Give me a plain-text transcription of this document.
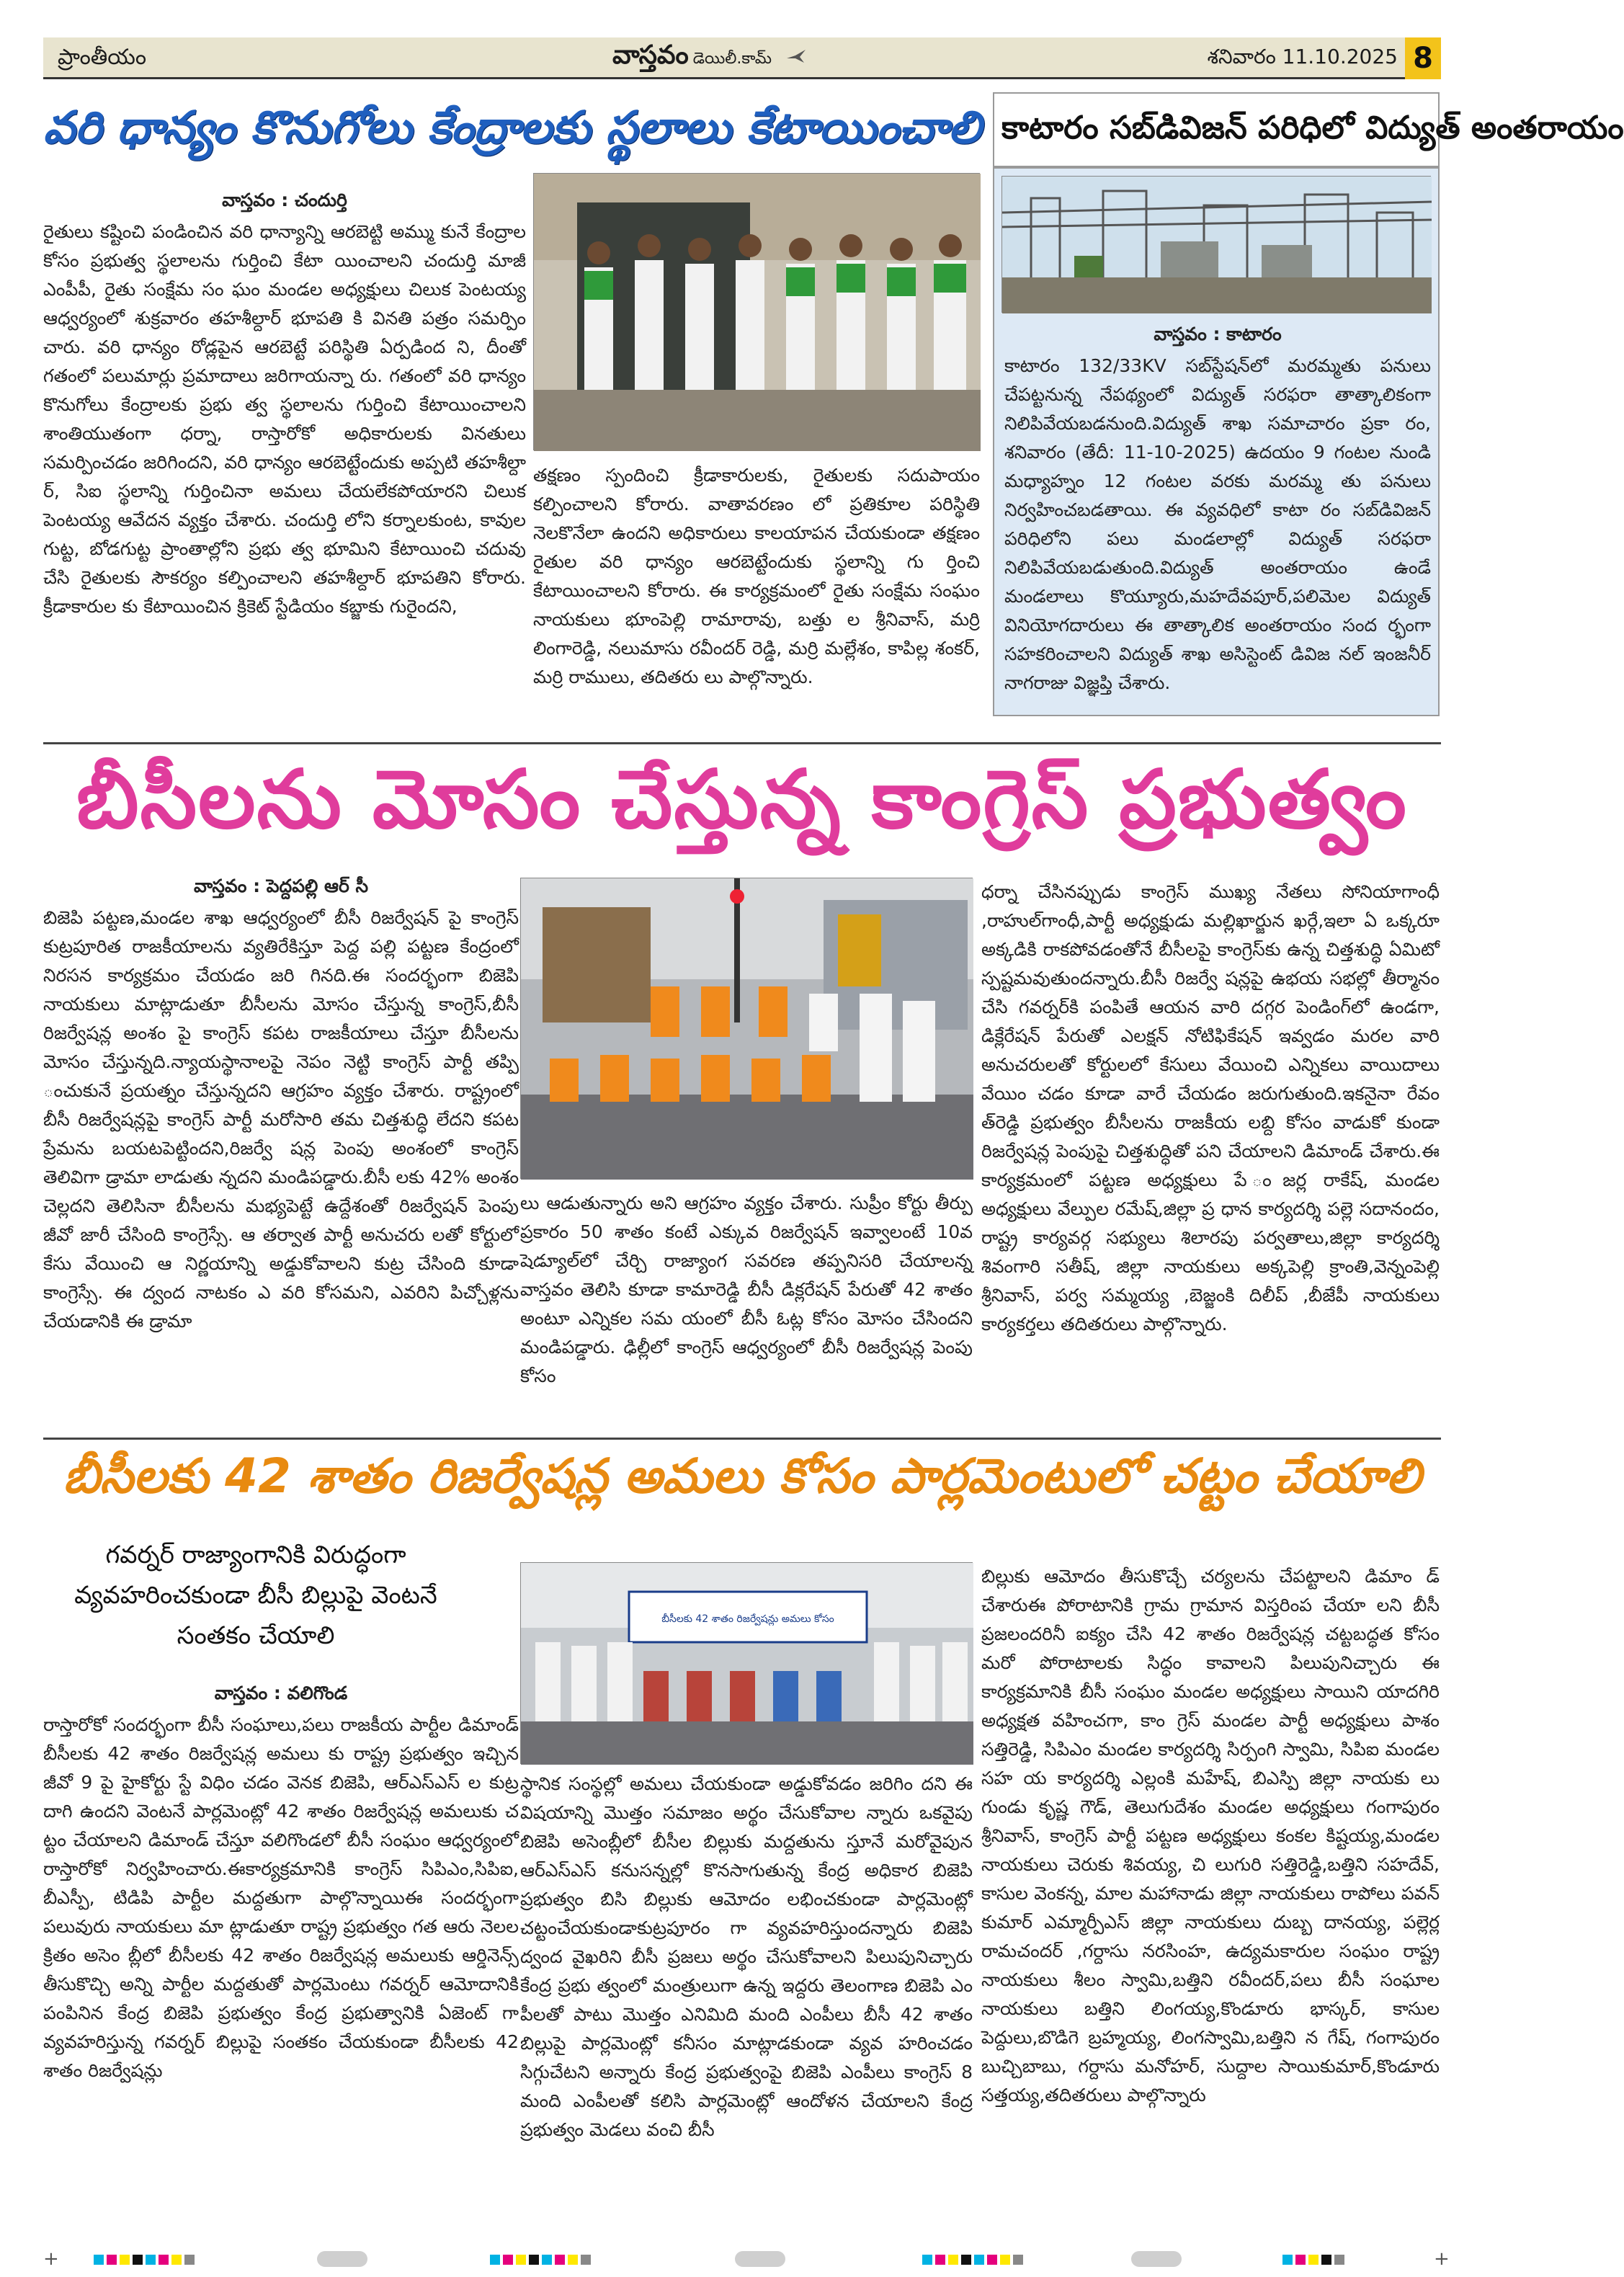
ప్రాంతీయం	వాస్తవం డెయిలీ.కామ్	శనివారం 11.10.2025 8
వరి ధాన్యం కొనుగోలు కేంద్రాలకు స్థలాలు కేటాయించాలి
వాస్తవం : చందుర్తి
రైతులు కష్టించి పండించిన వరి ధాన్యాన్ని ఆరబెట్టి అమ్ము కునే కేంద్రాల కోసం ప్రభుత్వ స్థలాలను గుర్తించి కేటా యించాలని చందుర్తి మాజీ ఎంపీపీ, రైతు సంక్షేమ సం ఘం మండల అధ్యక్షులు చిలుక పెంటయ్య ఆధ్వర్యంలో శుక్రవారం తహశీల్దార్ భూపతి కి వినతి పత్రం సమర్పిం చారు. వరి ధాన్యం రోడ్లపైన ఆరబెట్టే పరిస్థితి ఏర్పడింద ని, దీంతో గతంలో పలుమార్లు ప్రమాదాలు జరిగాయన్నా రు. గతంలో వరి ధాన్యం కొనుగోలు కేంద్రాలకు ప్రభు త్వ స్థలాలను గుర్తించి కేటాయించాలని శాంతియుతంగా ధర్నా, రాస్తారోకో అధికారులకు వినతులు సమర్పించడం జరిగిందని, వరి ధాన్యం ఆరబెట్టేందుకు అప్పటి తహశీల్దా ర్, సిఐ స్థలాన్ని గుర్తించినా అమలు చేయలేకపోయారని చిలుక పెంటయ్య ఆవేదన వ్యక్తం చేశారు. చందుర్తి లోని కర్నాలకుంట, కావుల గుట్ట, బోడగుట్ట ప్రాంతాల్లోని ప్రభు త్వ భూమిని కేటాయించి చదువు చేసి రైతులకు సౌకర్యం కల్పించాలని తహశీల్దార్ భూపతిని కోరారు. క్రీడాకారుల కు కేటాయించిన క్రికెట్ స్టేడియం కబ్జాకు గురైందని,
తక్షణం స్పందించి క్రీడాకారులకు, రైతులకు సదుపాయం కల్పించాలని కోరారు. వాతావరణం లో ప్రతికూల పరిస్థితి నెలకొనేలా ఉందని అధికారులు కాలయాపన చేయకుండా తక్షణం రైతుల వరి ధాన్యం ఆరబెట్టేందుకు స్థలాన్ని గు ర్తించి కేటాయించాలని కోరారు. ఈ కార్యక్రమంలో రైతు సంక్షేమ సంఘం నాయకులు భూంపెల్లి రామారావు, బత్తు ల శ్రీనివాస్, మర్రి లింగారెడ్డి, నలుమాసు రవీందర్ రెడ్డి, మర్రి మల్లేశం, కాపిల్ల శంకర్, మర్రి రాములు, తదితరు లు పాల్గొన్నారు.
కాటారం సబ్‌డివిజన్ పరిధిలో విద్యుత్ అంతరాయం
వాస్తవం : కాటారం
కాటారం 132/33KV సబ్‌స్టేషన్‌లో మరమ్మతు పనులు చేపట్టనున్న నేపథ్యంలో విద్యుత్ సరఫరా తాత్కాలికంగా నిలిపివేయబడనుంది.విద్యుత్ శాఖ సమాచారం ప్రకా రం, శనివారం (తేదీ: 11-10-2025) ఉదయం 9 గంటల నుండి మధ్యాహ్నం 12 గంటల వరకు మరమ్మ తు పనులు నిర్వహించబడతాయి. ఈ వ్యవధిలో కాటా రం సబ్‌డివిజన్ పరిధిలోని పలు మండలాల్లో విద్యుత్ సరఫరా నిలిపివేయబడుతుంది.విద్యుత్ అంతరాయం ఉండే మండలాలు కొయ్యూరు,మహదేవపూర్,పలిమెల విద్యుత్ వినియోగదారులు ఈ తాత్కాలిక అంతరాయం సంద ర్భంగా సహకరించాలని విద్యుత్ శాఖ అసిస్టెంట్ డివిజ నల్ ఇంజనీర్ నాగరాజు విజ్ఞప్తి చేశారు.
బీసీలను మోసం చేస్తున్న కాంగ్రెస్ ప్రభుత్వం
వాస్తవం : పెద్దపల్లి ఆర్ సీ
బిజెపి పట్టణ,మండల శాఖ ఆధ్వర్యంలో బీసీ రిజర్వేషన్ పై కాంగ్రెస్ కుట్రపూరిత రాజకీయాలను వ్యతిరేకిస్తూ పెద్ద పల్లి పట్టణ కేంద్రంలో నిరసన కార్యక్రమం చేయడం జరి గినది.ఈ సందర్భంగా బిజెపి నాయకులు మాట్లాడుతూ బీసీలను మోసం చేస్తున్న కాంగ్రెస్,బీసీ రిజర్వేషన్ల అంశం పై కాంగ్రెస్ కపట రాజకీయాలు చేస్తూ బీసీలను మోసం చేస్తున్నది.న్యాయస్థానాలపై నెపం నెట్టి కాంగ్రెస్ పార్టీ తప్పి ంచుకునే ప్రయత్నం చేస్తున్నదని ఆగ్రహం వ్యక్తం చేశారు. రాష్ట్రంలో బీసీ రిజర్వేషన్లపై కాంగ్రెస్ పార్టీ మరోసారి తమ చిత్తశుద్ధి లేదని కపట ప్రేమను బయటపెట్టిందని,రిజర్వే షన్ల పెంపు అంశంలో కాంగ్రెస్ తెలివిగా డ్రామా లాడుతు న్నదని మండిపడ్డారు.బీసీ లకు 42% అంశం చెల్లదని తెలిసినా బీసీలను మభ్యపెట్టే ఉద్దేశంతో రిజర్వేషన్ పెంపు జీవో జారీ చేసింది కాంగ్రెస్సే. ఆ తర్వాత పార్టీ అనుచరు లతో కోర్టులో కేసు వేయించి ఆ నిర్ణయాన్ని అడ్డుకోవాలని కుట్ర చేసింది కూడా కాంగ్రెస్సే. ఈ ద్వంద నాటకం ఎ వరి కోసమని, ఎవరిని పిచ్చోళ్లను చేయడానికి ఈ డ్రామా
లు ఆడుతున్నారు అని ఆగ్రహం వ్యక్తం చేశారు. సుప్రీం కోర్టు తీర్పు ప్రకారం 50 శాతం కంటే ఎక్కువ రిజర్వేషన్ ఇవ్వాలంటే 10వ షెడ్యూల్‌లో చేర్చి రాజ్యాంగ సవరణ తప్పనిసరి చేయాలన్న వాస్తవం తెలిసి కూడా కామారెడ్డి బీసీ డిక్లరేషన్ పేరుతో 42 శాతం అంటూ ఎన్నికల సమ యంలో బీసీ ఓట్ల కోసం మోసం చేసిందని మండిపడ్డారు. ఢిల్లీలో కాంగ్రెస్ ఆధ్వర్యంలో బీసీ రిజర్వేషన్ల పెంపు కోసం
ధర్నా చేసినప్పుడు కాంగ్రెస్ ముఖ్య నేతలు సోనియాగాంధీ ,రాహుల్‌గాంధీ,పార్టీ అధ్యక్షుడు మల్లిఖార్జున ఖర్గే,ఇలా ఏ ఒక్కరూ అక్కడికి రాకపోవడంతోనే బీసీలపై కాంగ్రెస్‌కు ఉన్న చిత్తశుద్ధి ఏమిటో స్పష్టమవుతుందన్నారు.బీసీ రిజర్వే షన్లపై ఉభయ సభల్లో తీర్మానం చేసి గవర్నర్‌కి పంపితే ఆయన వారి దగ్గర పెండింగ్‌లో ఉండగా, డిక్లేరేషన్ పేరుతో ఎలక్షన్ నోటిఫికేషన్ ఇవ్వడం మరల వారి అనుచరులతో కోర్టులలో కేసులు వేయించి ఎన్నికలు వాయిదాలు వేయిం చడం కూడా వారే చేయడం జరుగుతుంది.ఇకనైనా రేవం త్‌రెడ్డి ప్రభుత్వం బీసీలను రాజకీయ లబ్ది కోసం వాడుకో కుండా రిజర్వేషన్ల పెంపుపై చిత్తశుద్ధితో పని చేయాలని డిమాండ్ చేశారు.ఈ కార్యక్రమంలో పట్టణ అధ్యక్షులు పే ంజర్ల రాకేష్, మండల అధ్యక్షులు వేల్పుల రమేష్,జిల్లా ప్ర ధాన కార్యదర్శి పల్లె సదానందం, రాష్ట్ర కార్యవర్గ సభ్యులు శిలారపు పర్వతాలు,జిల్లా కార్యదర్శి శివంగారి సతీష్, జిల్లా నాయకులు అక్కపెల్లి క్రాంతి,వెన్నంపెల్లి శ్రీనివాస్, పర్వ సమ్మయ్య ,బెజ్జంకి దిలీప్ ,బీజేపీ నాయకులు కార్యకర్తలు తదితరులు పాల్గొన్నారు.
బీసీలకు 42 శాతం రిజర్వేషన్ల అమలు కోసం పార్లమెంటులో చట్టం చేయాలి
గవర్నర్ రాజ్యాంగానికి విరుద్ధంగా వ్యవహరించకుండా బీసీ బిల్లుపై వెంటనే సంతకం చేయాలి
వాస్తవం : వలిగొండ
రాస్తారోకో సందర్భంగా బీసీ సంఘాలు,పలు రాజకీయ పార్టీల డిమాండ్ బీసీలకు 42 శాతం రిజర్వేషన్ల అమలు కు రాష్ట్ర ప్రభుత్వం ఇచ్చిన జీవో 9 పై హైకోర్టు స్టే విధిం చడం వెనక బిజెపి, ఆర్ఎస్ఎస్ ల కుట్ర దాగి ఉందని వెంటనే పార్లమెంట్లో 42 శాతం రిజర్వేషన్ల అమలుకు చ ట్టం చేయాలని డిమాండ్ చేస్తూ వలిగొండలో బీసీ సంఘం ఆధ్వర్యంలో రాస్తారోకో నిర్వహించారు.ఈకార్యక్రమానికి కాంగ్రెస్ సిపిఎం,సిపిఐ, బీఎస్పీ, టిడిపి పార్టీల మద్దతుగా పాల్గొన్నాయిఈ సందర్భంగా పలువురు నాయకులు మా ట్లాడుతూ రాష్ట్ర ప్రభుత్వం గత ఆరు నెలల క్రితం అసెం బ్లీలో బీసీలకు 42 శాతం రిజర్వేషన్ల అమలుకు ఆర్డినెన్స్ తీసుకొచ్చి అన్ని పార్టీల మద్దతుతో పార్లమెంటు గవర్నర్ ఆమోదానికి పంపినిన కేంద్ర బిజెపి ప్రభుత్వం కేంద్ర ప్రభుత్వానికి ఏజెంట్ గా వ్యవహరిస్తున్న గవర్నర్ బిల్లుపై సంతకం చేయకుండా బీసీలకు 42 శాతం రిజర్వేషన్లు
బీసీలకు 42 శాతం రిజర్వేషన్లు అమలు కోసం
స్థానిక సంస్థల్లో అమలు చేయకుండా అడ్డుకోవడం జరిగిం దని ఈ విషయాన్ని మొత్తం సమాజం అర్థం చేసుకోవాల న్నారు ఒకవైపు బిజెపి అసెంబ్లీలో బీసీల బిల్లుకు మద్దతును స్తూనే మరోవైపున ఆర్ఎస్ఎస్ కనుసన్నల్లో కొనసాగుతున్న కేంద్ర అధికార బిజెపి ప్రభుత్వం బిసి బిల్లుకు ఆమోదం లభించకుండా పార్లమెంట్లో చట్టంచేయకుండాకుట్రపూరం గా వ్యవహరిస్తుందన్నారు బిజెపి ద్వంద వైఖరిని బీసీ ప్రజలు అర్థం చేసుకోవాలని పిలుపునిచ్చారు కేంద్ర ప్రభు త్వంలో మంత్రులుగా ఉన్న ఇద్దరు తెలంగాణ బిజెపి ఎం పీలతో పాటు మొత్తం ఎనిమిది మంది ఎంపీలు బీసీ 42 శాతం బిల్లుపై పార్లమెంట్లో కనీసం మాట్లాడకుండా వ్యవ హరించడం సిగ్గుచేటని అన్నారు కేంద్ర ప్రభుత్వంపై బిజెపి ఎంపీలు కాంగ్రెస్ 8 మంది ఎంపీలతో కలిసి పార్లమెంట్లో ఆందోళన చేయాలని కేంద్ర ప్రభుత్వం మెడలు వంచి బీసీ
బిల్లుకు ఆమోదం తీసుకొచ్చే చర్యలను చేపట్టాలని డిమాం డ్ చేశారుఈ పోరాటానికి గ్రామ గ్రామాన విస్తరింప చేయా లని బీసీ ప్రజలందరినీ ఐక్యం చేసి 42 శాతం రిజర్వేషన్ల చట్టబద్ధత కోసం మరో పోరాటాలకు సిద్ధం కావాలని పిలుపునిచ్చారు ఈ కార్యక్రమానికి బీసీ సంఘం మండల అధ్యక్షులు సాయిని యాదగిరి అధ్యక్షత వహించగా, కాం గ్రెస్ మండల పార్టీ అధ్యక్షులు పాశం సత్తిరెడ్డి, సిపిఎం మండల కార్యదర్శి సిర్పంగి స్వామి, సిపిఐ మండల సహ య కార్యదర్శి ఎల్లంకి మహేష్, బిఎస్పి జిల్లా నాయకు లు గుండు కృష్ణ గౌడ్, తెలుగుదేశం మండల అధ్యక్షులు గంగాపురం శ్రీనివాస్, కాంగ్రెస్ పార్టీ పట్టణ అధ్యక్షులు కంకల కిష్టయ్య,మండల నాయకులు చెరుకు శివయ్య, చి లుగురి సత్తిరెడ్డి,బత్తిని సహదేవ్, కాసుల వెంకన్న, మాల మహానాడు జిల్లా నాయకులు రాపోలు పవన్ కుమార్ ఎమ్మార్పీఎస్ జిల్లా నాయకులు దుబ్బ దానయ్య, పల్లెర్ల రామచందర్ ,గర్దాసు నరసింహ, ఉద్యమకారుల సంఘం రాష్ట్ర నాయకులు శీలం స్వామి,బత్తిని రవీందర్,పలు బీసీ సంఘాల నాయకులు బత్తిని లింగయ్య,కొండూరు భాస్కర్, కాసుల పెద్దులు,బొడిగె బ్రహ్మయ్య, లింగస్వామి,బత్తిని న గేష్, గంగాపురం బుచ్చిబాబు, గర్దాసు మనోహర్, సుద్దాల సాయికుమార్,కొండూరు సత్తయ్య,తదితరులు పాల్గొన్నారు
+	+
